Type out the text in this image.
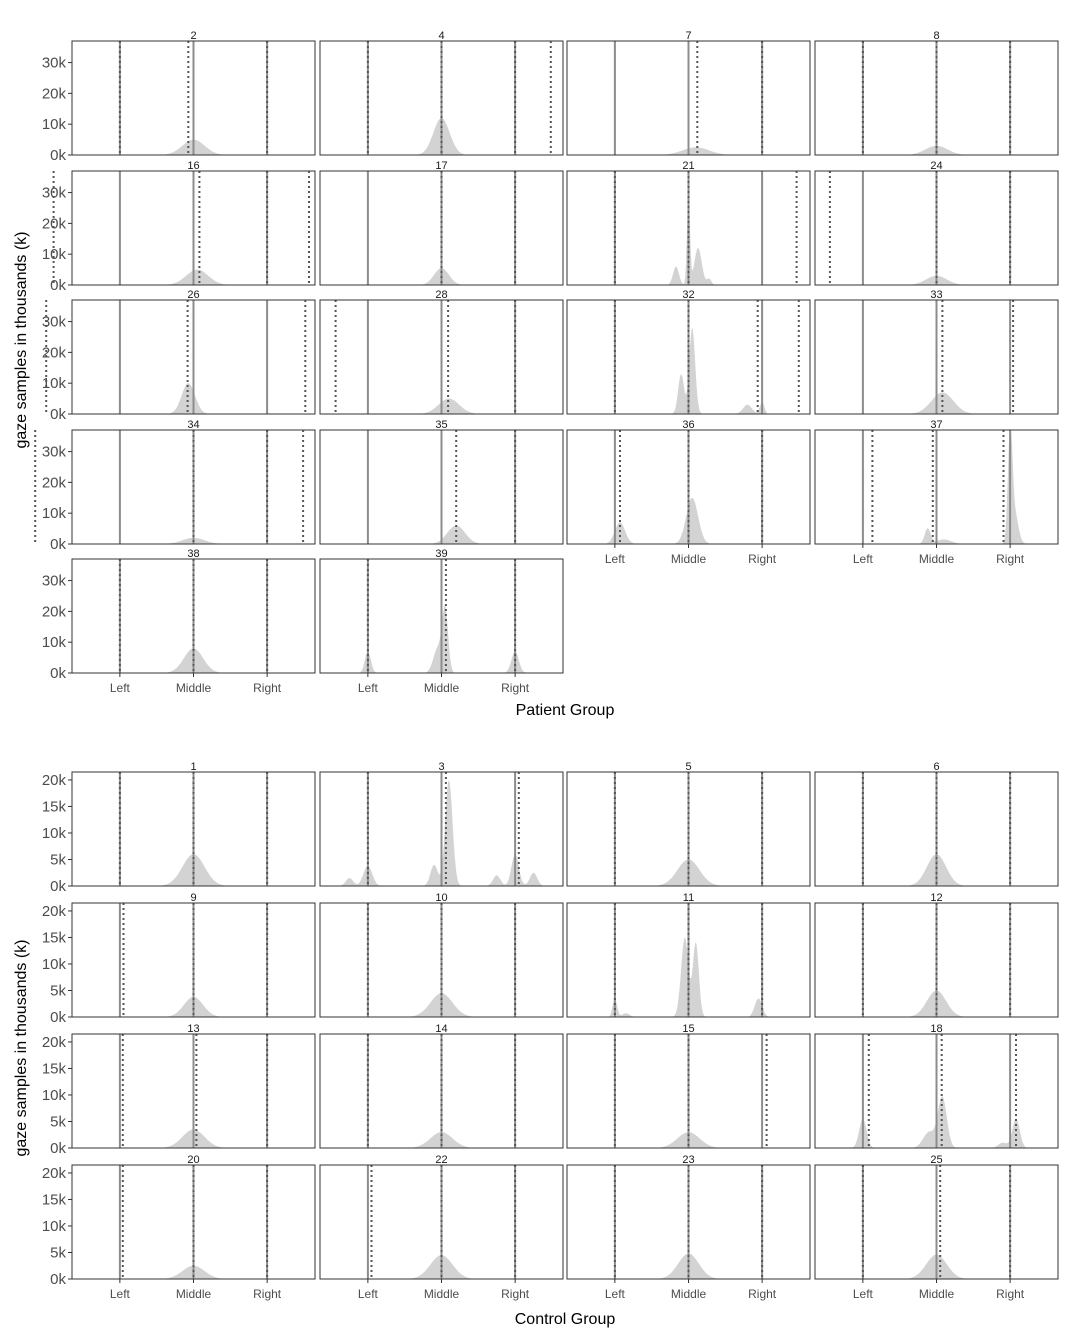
2
0k
10k
20k
30k
4	7	8
16
0k
10k
20k
30k
17	21	24
26
0k
10k
20k
30k
28	32	33
34
0k
10k
20k
30k
35	36
Left	Middle	Right
37
Left	Middle	Right
38
0k
10k
20k
30k
Left	Middle	Right
39
Left	Middle	Right
1
0k
5k
10k
15k
20k
3	5	6
9
0k
5k
10k
15k
20k
10	11	12
13
0k
5k
10k
15k
20k
14	15	18
20
0k
5k
10k
15k
20k
Left	Middle	Right
22
Left	Middle	Right
23
Left	Middle	Right
25
Left	Middle	Right
Patient Group
Control Group
gaze samples in thousands (k)
gaze samples in thousands (k)
